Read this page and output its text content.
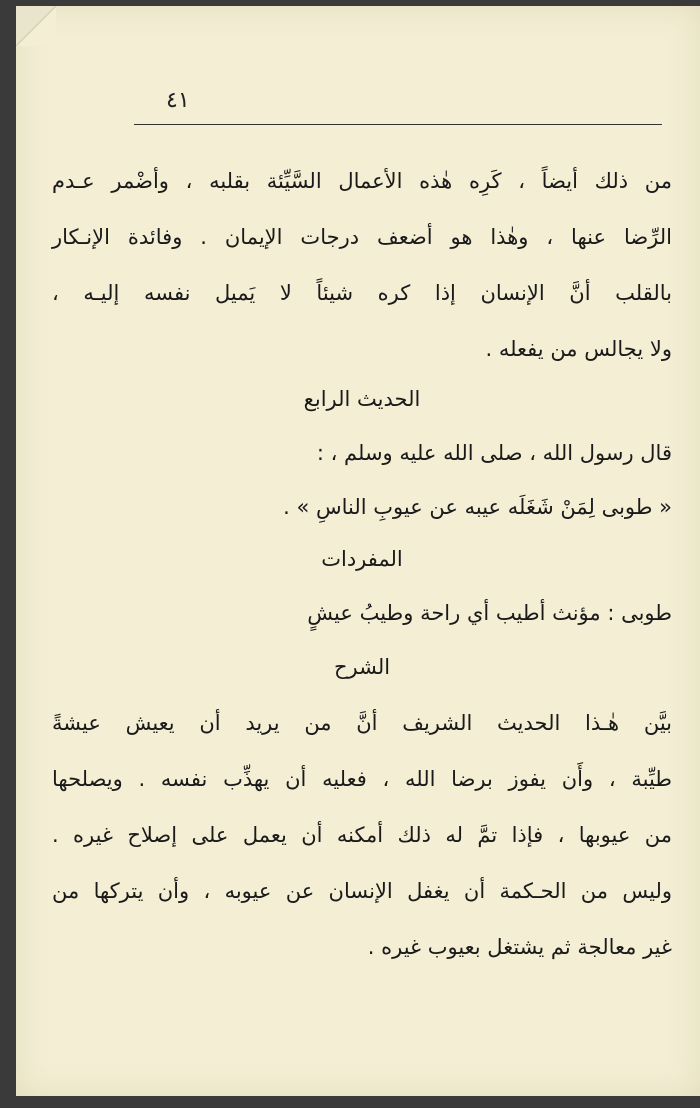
٤١
من ذلك أيضاً ، كَرِه هٰذه الأعمال السَّيِّئة بقلبه ، وأضْمر عـدم
الرِّضا عنها ، وهٰذا هو أضعف درجات الإيمان . وفائدة الإنـكار
بالقلب أنَّ الإنسان إذا كره شيئاً لا يَميل نفسه إليـه ،
ولا يجالس من يفعله .
الحديث الرابع
قال رسول الله ، صلى الله عليه وسلم ، :
« طوبى لِمَنْ شَغَلَه عيبه عن عيوبِ الناسِ » .
المفردات
طوبى : مؤنث أطيب أي راحة وطيبُ عيشٍ
الشرح
بيَّن هٰـذا الحديث الشريف أنَّ من يريد أن يعيش عيشةً
طيِّبة ، وأَن يفوز برضا الله ، فعليه أن يهذِّب نفسه . ويصلحها
من عيوبها ، فإذا تمَّ له ذلك أمكنه أن يعمل على إصلاح غيره .
وليس من الحـكمة أن يغفل الإنسان عن عيوبه ، وأن يتركها من
غير معالجة ثم يشتغل بعيوب غيره .
